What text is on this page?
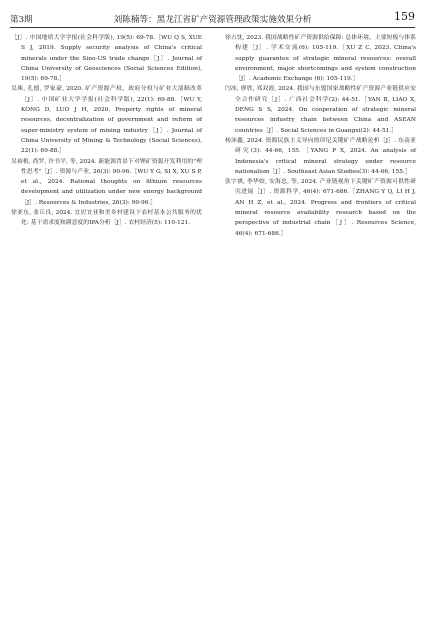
第3期	刘陈楠等：黑龙江省矿产资源管理政策实施效果分析	159

［J］. 中国地质大学学报(社会科学版), 19(5): 69-78.［WU Q S, XUE S J, 2019. Supply security analysis of China's critical minerals under the Sino-US trade change［J］. Journal of China University of Geosciences (Social Sciences Edition), 19(5): 69-78.］

吴珠, 孔德, 罗家豪, 2020. 矿产资源产权、政府分权与矿业大部制改革［J］. 中国矿业大学学报(社会科学版), 22(1): 69-88.［WU Y, KONG D, LUO J H, 2020. Property rights of mineral resources, decentralization of government and reform of super-ministry system of mining industry［J］. Journal of China University of Mining & Technology (Social Sciences), 22(1): 69-88.］

吴裕根, 尚罗, 许书平, 等, 2024. 新能源背景下对锂矿资源开发利用的"理性思考"［J］. 资源与产业, 26(3): 90-96.［WU Y G, SI X, XU S P, et al., 2024. Rational thoughts on lithium resources development and utilization under new energy background［J］. Resources & Industries, 26(3): 90-96.］

徐亚东, 张丘良, 2024. 宜居宜业和美乡村建设下农村基本公共服务的优化: 基于需求度和满意度的IPA分析［J］. 农村经济(5): 110-121.

徐占忱, 2023. 我国战略性矿产资源供给保障: 总体环境、主要短板与体系构建［J］. 学术交流(6): 105-119.［XU Z C, 2023. China's supply guarantee of strategic mineral resources: overall environment, major shortcomings and system construction［J］. Academic Exchange (6): 105-119.］

闫冰, 廖欣, 邓双霞, 2024. 我国与东盟国家战略性矿产资源产业链供应安全合作研究［J］. 广西社会科学(2): 44-51.［YAN B, LIAO X, DENG S S, 2024. On cooperation of strategic mineral resources industry chain between China and ASEAN countries［J］. Social Sciences in Guangxi(2): 44-51.］

杨沛鑫, 2024. 资源民族主义导向的印尼关键矿产战略论析［J］. 东南亚研究(3): 44-66, 155.［YANG P X, 2024. An analysis of Indonesia's critical mineral strategy under resource nationalism［J］. Southeast Asian Studies(3): 44-66, 155.］

张宇祺, 李华姣, 安海忠, 等, 2024. 产业链视角下关键矿产资源可供性研究进展［J］. 资源科学, 46(4): 671-686.［ZHANG Y Q, LI H J, AN H Z, et al., 2024. Progress and frontiers of critical mineral resource availability research based on the perspective of industrial chain［J］. Resources Science, 46(4): 671-686.］
